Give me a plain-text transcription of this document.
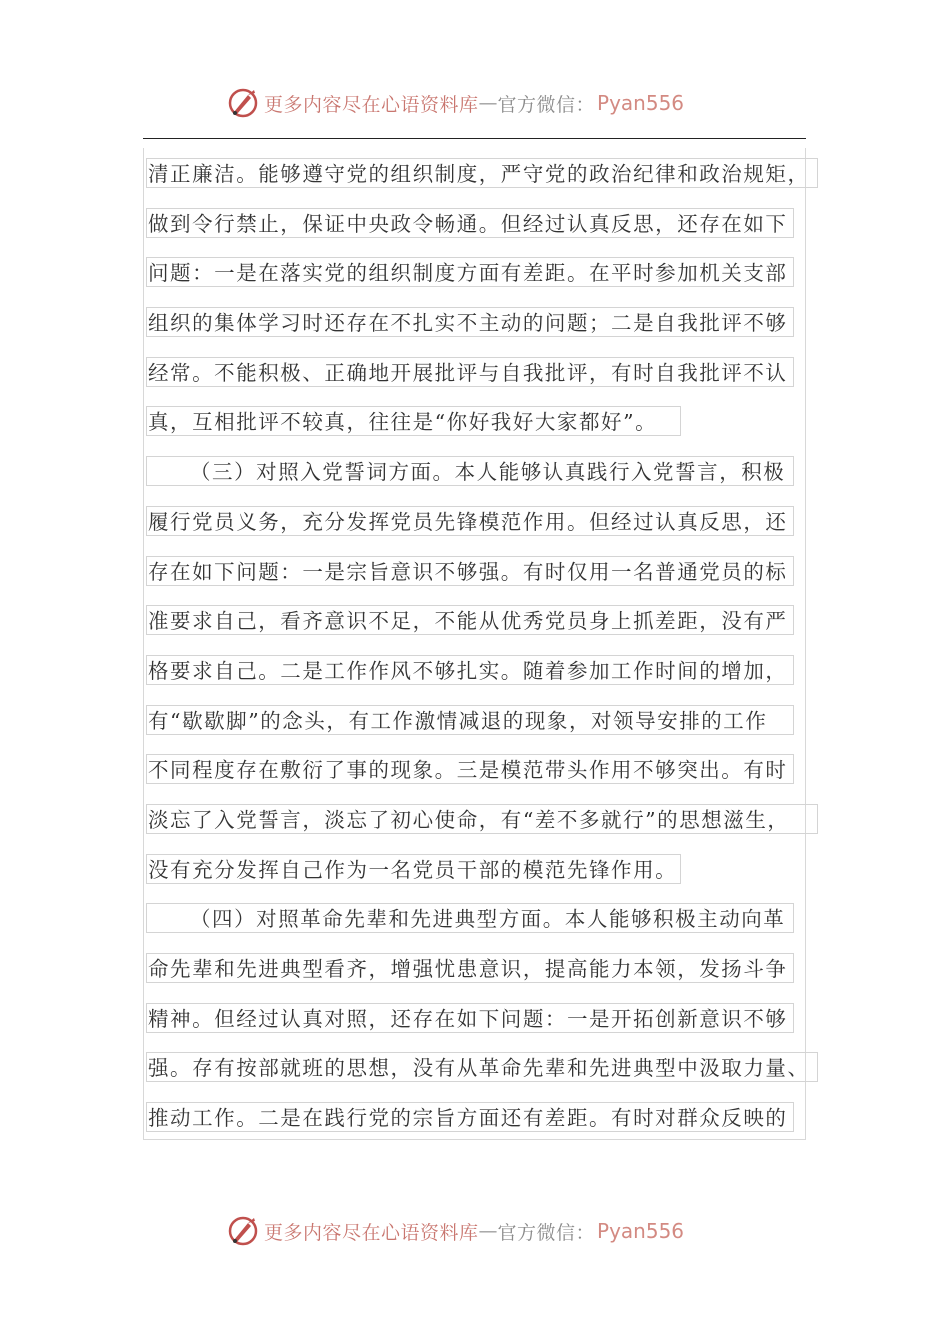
更多内容尽在心语资料库 — 官方微信： Pyan556
清正廉洁。能够遵守党的组织制度，严守党的政治纪律和政治规矩，
做到令行禁止，保证中央政令畅通。但经过认真反思，还存在如下
问题：一是在落实党的组织制度方面有差距。在平时参加机关支部
组织的集体学习时还存在不扎实不主动的问题；二是自我批评不够
经常。不能积极、正确地开展批评与自我批评，有时自我批评不认
真，互相批评不较真，往往是“你好我好大家都好”。
（三）对照入党誓词方面。本人能够认真践行入党誓言，积极
履行党员义务，充分发挥党员先锋模范作用。但经过认真反思，还
存在如下问题：一是宗旨意识不够强。有时仅用一名普通党员的标
准要求自己，看齐意识不足，不能从优秀党员身上抓差距，没有严
格要求自己。二是工作作风不够扎实。随着参加工作时间的增加，
有“歇歇脚”的念头，有工作激情减退的现象，对领导安排的工作
不同程度存在敷衍了事的现象。三是模范带头作用不够突出。有时
淡忘了入党誓言，淡忘了初心使命，有“差不多就行”的思想滋生，
没有充分发挥自己作为一名党员干部的模范先锋作用。
（四）对照革命先辈和先进典型方面。本人能够积极主动向革
命先辈和先进典型看齐，增强忧患意识，提高能力本领，发扬斗争
精神。但经过认真对照，还存在如下问题：一是开拓创新意识不够
强。存有按部就班的思想，没有从革命先辈和先进典型中汲取力量、
推动工作。二是在践行党的宗旨方面还有差距。有时对群众反映的
更多内容尽在心语资料库 — 官方微信： Pyan556
